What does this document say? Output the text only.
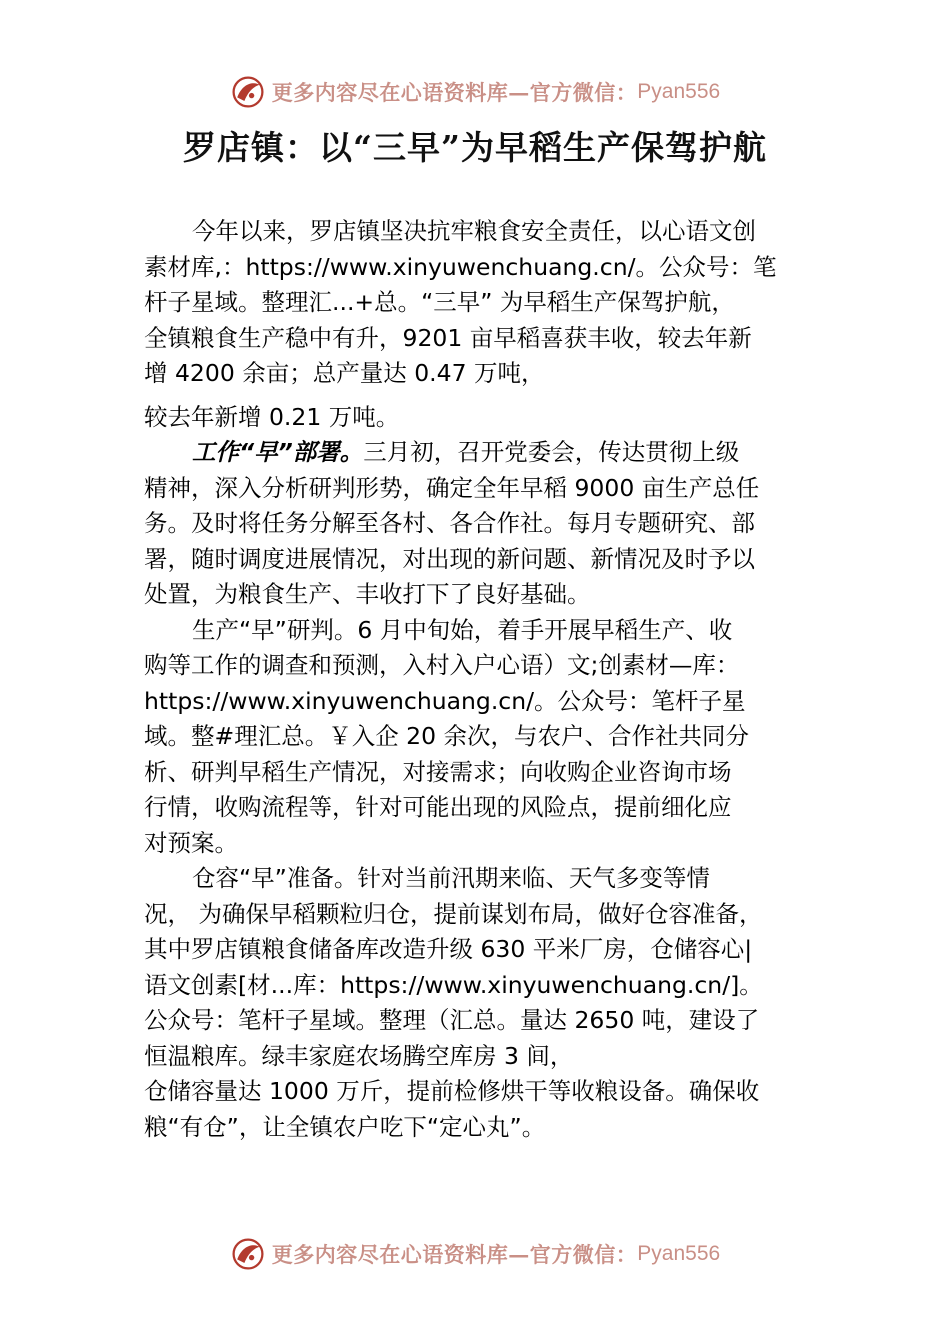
更多内容尽在心语资料库—官方微信： Pyan556
罗店镇：以“三早”为早稻生产保驾护航
今年以来，罗店镇坚决抗牢粮食安全责任，以心语文创
素材库,：https://www.xinyuwenchuang.cn/。公众号：笔
杆子星域。整理汇...+总。“三早” 为早稻生产保驾护航，
全镇粮食生产稳中有升，9201 亩早稻喜获丰收，较去年新
增 4200 余亩；总产量达 0.47 万吨，
较去年新增 0.21 万吨。
工作“早”部署。三月初，召开党委会，传达贯彻上级
精神，深入分析研判形势，确定全年早稻 9000 亩生产总任
务。及时将任务分解至各村、各合作社。每月专题研究、部
署，随时调度进展情况，对出现的新问题、新情况及时予以
处置，为粮食生产、丰收打下了良好基础。
生产“早”研判。6 月中旬始，着手开展早稻生产、收
购等工作的调查和预测，入村入户心语）文;创素材—库：
https://www.xinyuwenchuang.cn/。公众号：笔杆子星
域。整#理汇总。￥入企 20 余次，与农户、合作社共同分
析、研判早稻生产情况，对接需求；向收购企业咨询市场
行情，收购流程等，针对可能出现的风险点，提前细化应
对预案。
仓容“早”准备。针对当前汛期来临、天气多变等情
况， 为确保早稻颗粒归仓，提前谋划布局，做好仓容准备，
其中罗店镇粮食储备库改造升级 630 平米厂房，仓储容心|
语文创素[材...库：https://www.xinyuwenchuang.cn/]。
公众号：笔杆子星域。整理（汇总。量达 2650 吨，建设了
恒温粮库。绿丰家庭农场腾空库房 3 间，
仓储容量达 1000 万斤，提前检修烘干等收粮设备。确保收
粮“有仓”，让全镇农户吃下“定心丸”。
更多内容尽在心语资料库—官方微信： Pyan556
